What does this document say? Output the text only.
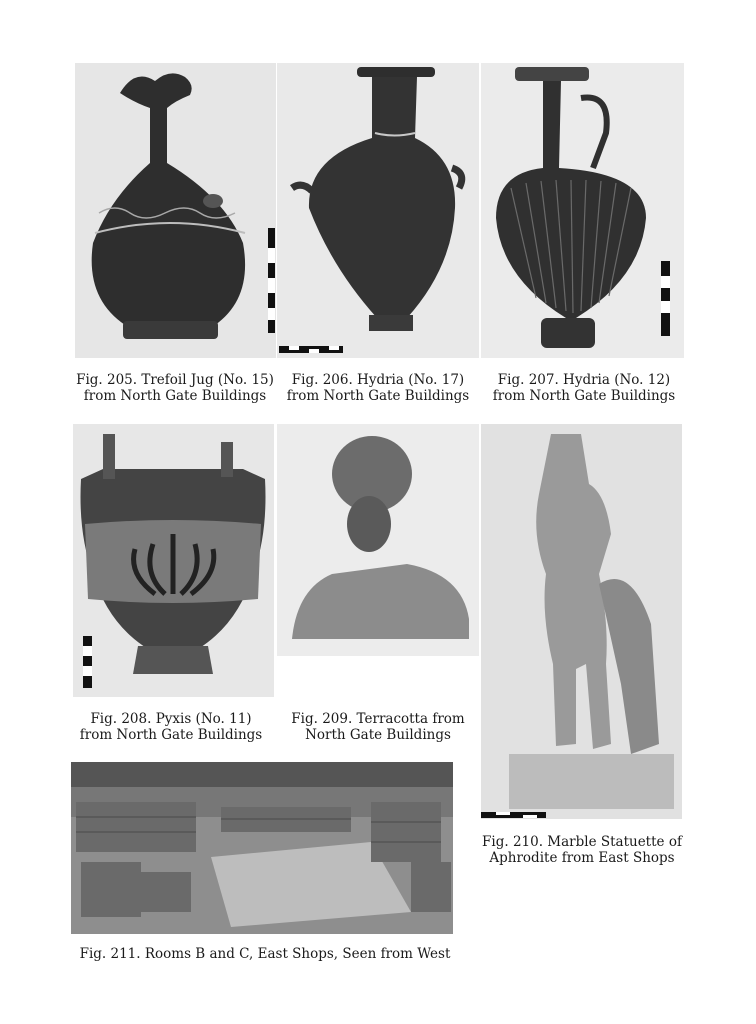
Fig. 205. Trefoil Jug (No. 15)
from North Gate Buildings
Fig. 206. Hydria (No. 17)
from North Gate Buildings
Fig. 207. Hydria (No. 12)
from North Gate Buildings
Fig. 208. Pyxis (No. 11)
from North Gate Buildings
Fig. 209. Terracotta from
North Gate Buildings
Fig. 210. Marble Statuette of
Aphrodite from East Shops
Fig. 211. Rooms B and C, East Shops, Seen from West
